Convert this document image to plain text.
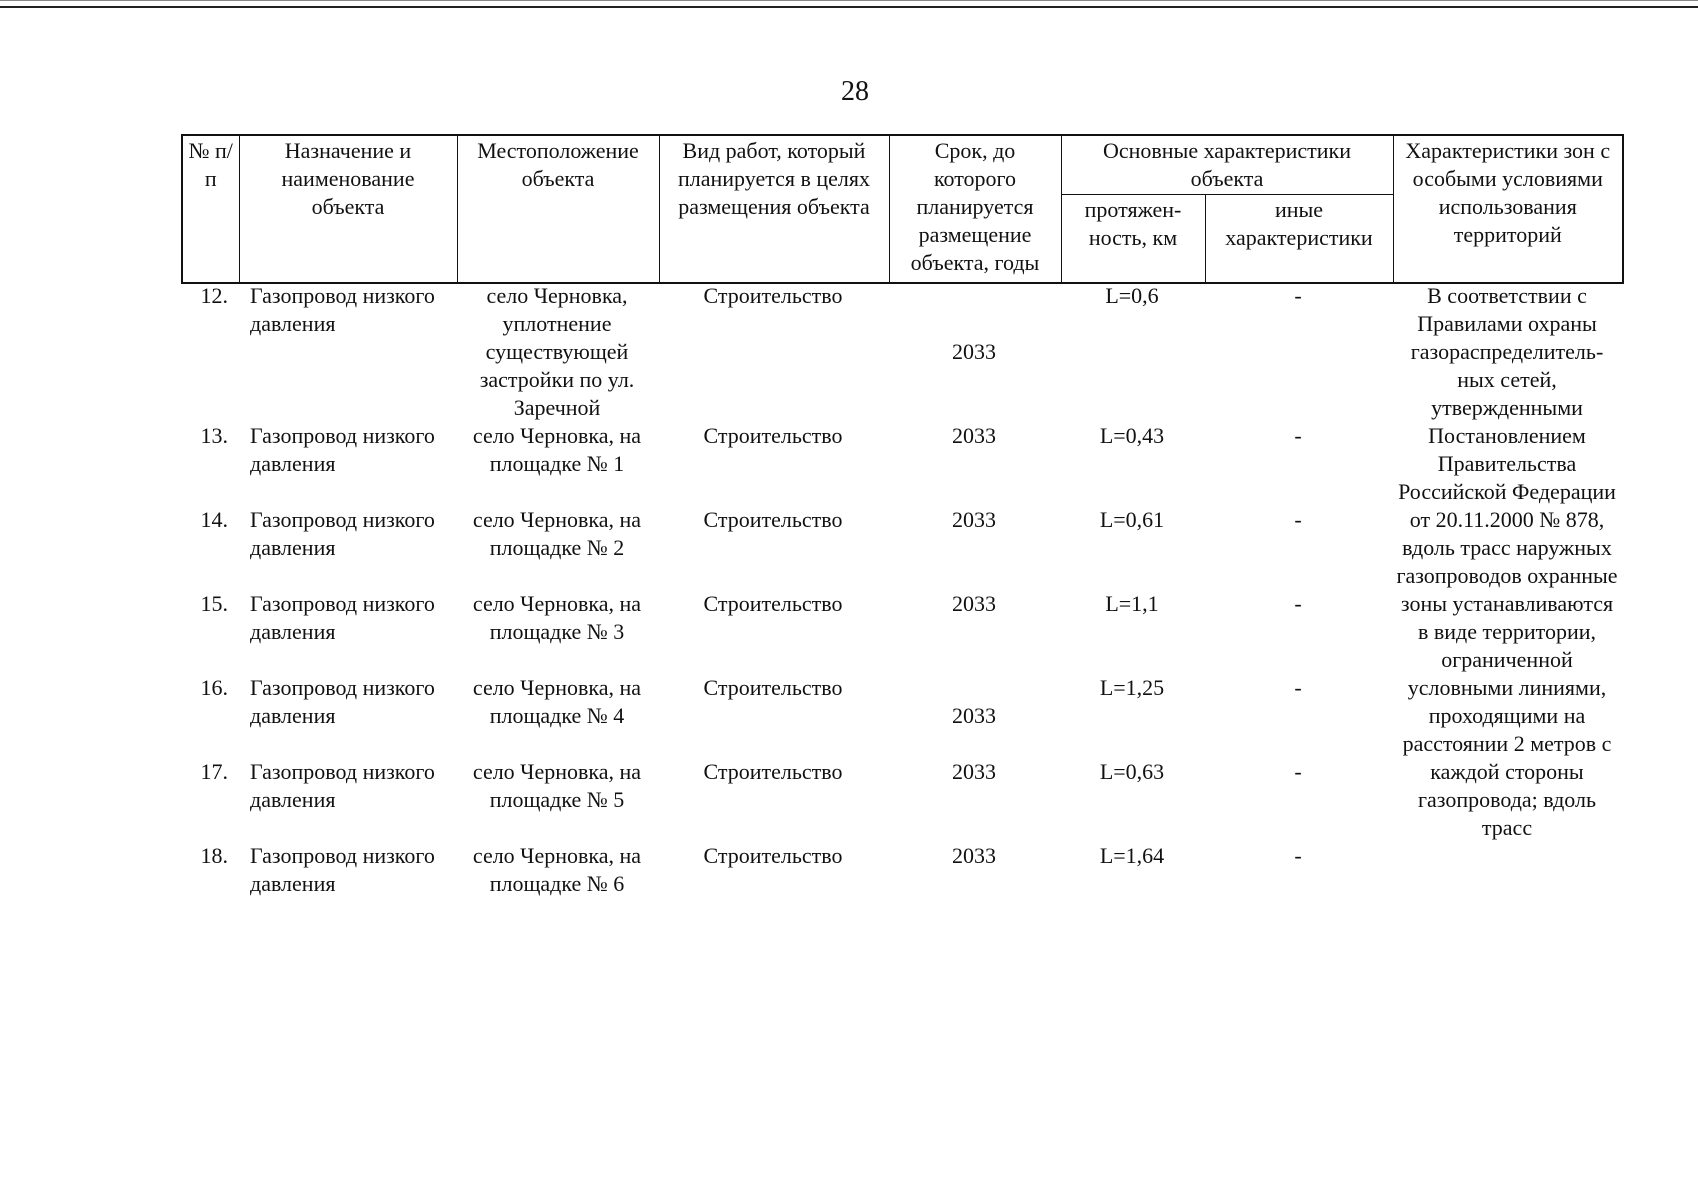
28
№ п/п	Назначение и наименование объекта	Местоположение объекта	Вид работ, который планируется в целях размещения объекта	Срок, до которого планируется размещение объекта, годы	Основные характеристики объекта		Характеристики зон с особыми условиями использования территорий
					протяжен-ность, км	иные характеристики	
12.	Газопровод низкого давления	село Черновка, уплотнение существующей застройки по ул. Заречной	Строительство	2033	L=0,6	-	В соответствии с Правилами охраны газораспределитель-ных сетей, утвержденными Постановлением Правительства Российской Федерации от 20.11.2000 № 878, вдоль трасс наружных газопроводов охранные зоны устанавливаются в виде территории, ограниченной условными линиями, проходящими на расстоянии 2 метров с каждой стороны газопровода; вдоль трасс

13.	Газопровод низкого давления	село Черновка, на площадке № 1	Строительство	2033	L=0,43	-	
14.	Газопровод низкого давления	село Черновка, на площадке № 2	Строительство	2033	L=0,61	-	
15.	Газопровод низкого давления	село Черновка, на площадке № 3	Строительство	2033	L=1,1	-	
16.	Газопровод низкого давления	село Черновка, на площадке № 4	Строительство	2033	L=1,25	-	
17.	Газопровод низкого давления	село Черновка, на площадке № 5	Строительство	2033	L=0,63	-	
18.	Газопровод низкого давления	село Черновка, на площадке № 6	Строительство	2033	L=1,64	-	
